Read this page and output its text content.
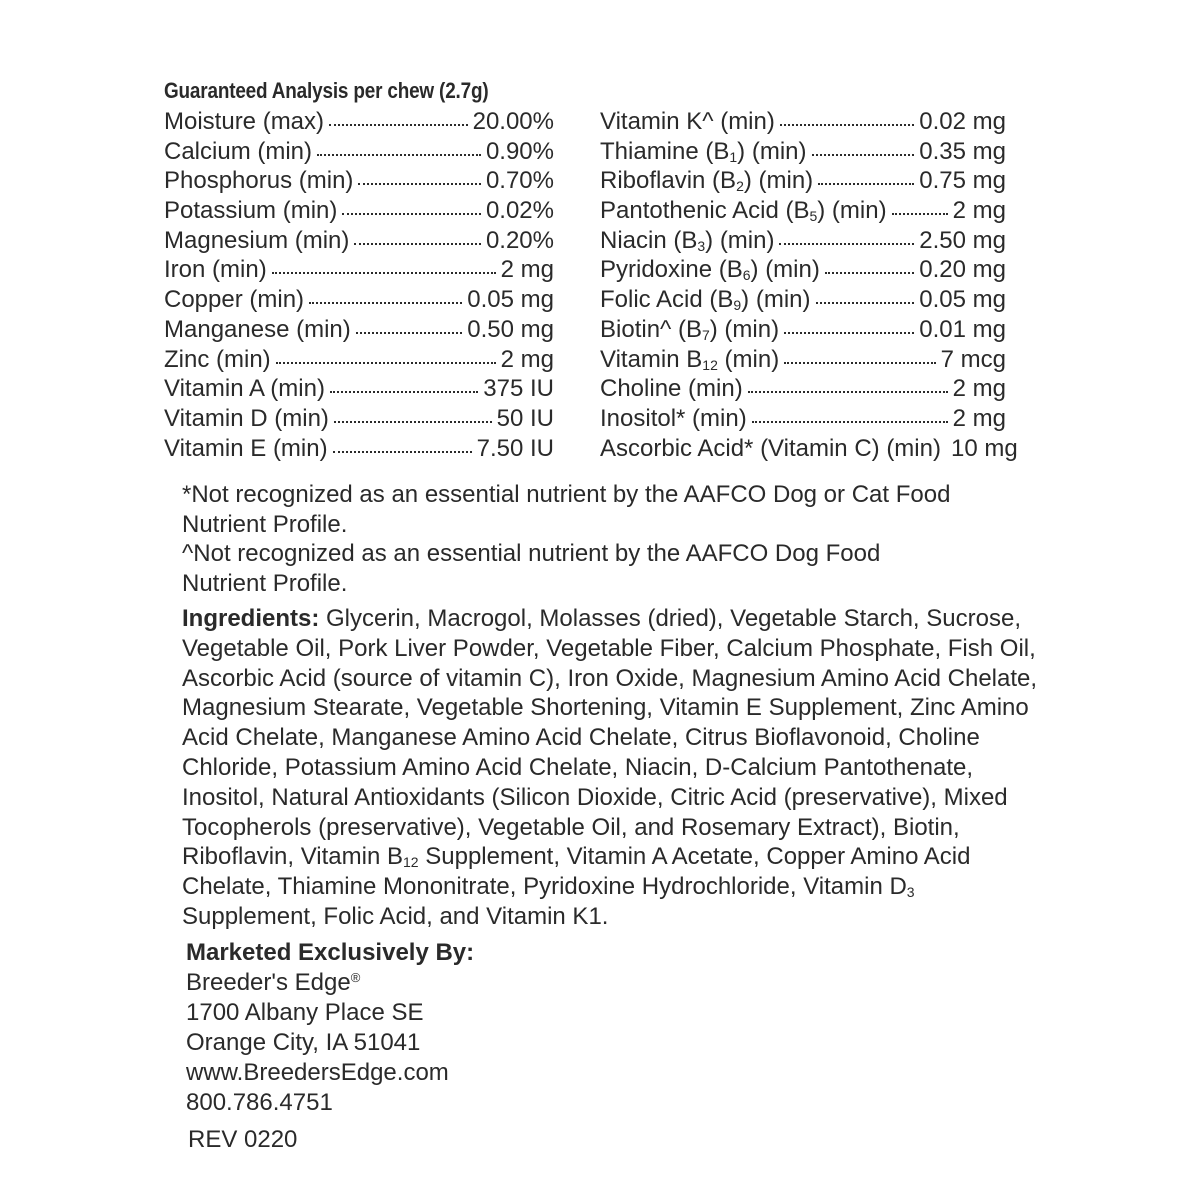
Guaranteed Analysis per chew (2.7g)
Moisture (max)	20.00%
Calcium (min)	0.90%
Phosphorus (min)	0.70%
Potassium (min)	0.02%
Magnesium (min)	0.20%
Iron (min)	2 mg
Copper (min)	0.05 mg
Manganese (min)	0.50 mg
Zinc (min)	2 mg
Vitamin A (min)	375 IU
Vitamin D (min)	50 IU
Vitamin E (min)	7.50 IU
Vitamin K^ (min)	0.02 mg
Thiamine $(B_1)$ (min)	0.35 mg
Riboflavin $(B_2)$ (min)	0.75 mg
Pantothenic Acid $(B_5)$ (min)	2 mg
Niacin $(B_3)$ (min)	2.50 mg
Pyridoxine $(B_6)$ (min)	0.20 mg
Folic Acid $(B_9)$ (min)	0.05 mg
Biotin^ $(B_7)$ (min)	0.01 mg
Vitamin $B_{12}$ (min)	7 mcg
Choline (min)	2 mg
Inositol* (min)	2 mg
Ascorbic Acid* (Vitamin C) (min) 10 mg
*Not recognized as an essential nutrient by the AAFCO Dog or Cat Food
Nutrient Profile.
^Not recognized as an essential nutrient by the AAFCO Dog Food
Nutrient Profile.
Ingredients: Glycerin, Macrogol, Molasses (dried), Vegetable Starch, Sucrose,
Vegetable Oil, Pork Liver Powder, Vegetable Fiber, Calcium Phosphate, Fish Oil,
Ascorbic Acid (source of vitamin C), Iron Oxide, Magnesium Amino Acid Chelate,
Magnesium Stearate, Vegetable Shortening, Vitamin E Supplement, Zinc Amino
Acid Chelate, Manganese Amino Acid Chelate, Citrus Bioflavonoid, Choline
Chloride, Potassium Amino Acid Chelate, Niacin, D-Calcium Pantothenate,
Inositol, Natural Antioxidants (Silicon Dioxide, Citric Acid (preservative), Mixed
Tocopherols (preservative), Vegetable Oil, and Rosemary Extract), Biotin,
Riboflavin, Vitamin $B_{12}$ Supplement, Vitamin A Acetate, Copper Amino Acid
Chelate, Thiamine Mononitrate, Pyridoxine Hydrochloride, Vitamin $D_3$
Supplement, Folic Acid, and Vitamin K1.
Marketed Exclusively By:
Breeder's Edge®
1700 Albany Place SE
Orange City, IA 51041
www.BreedersEdge.com
800.786.4751
REV 0220
